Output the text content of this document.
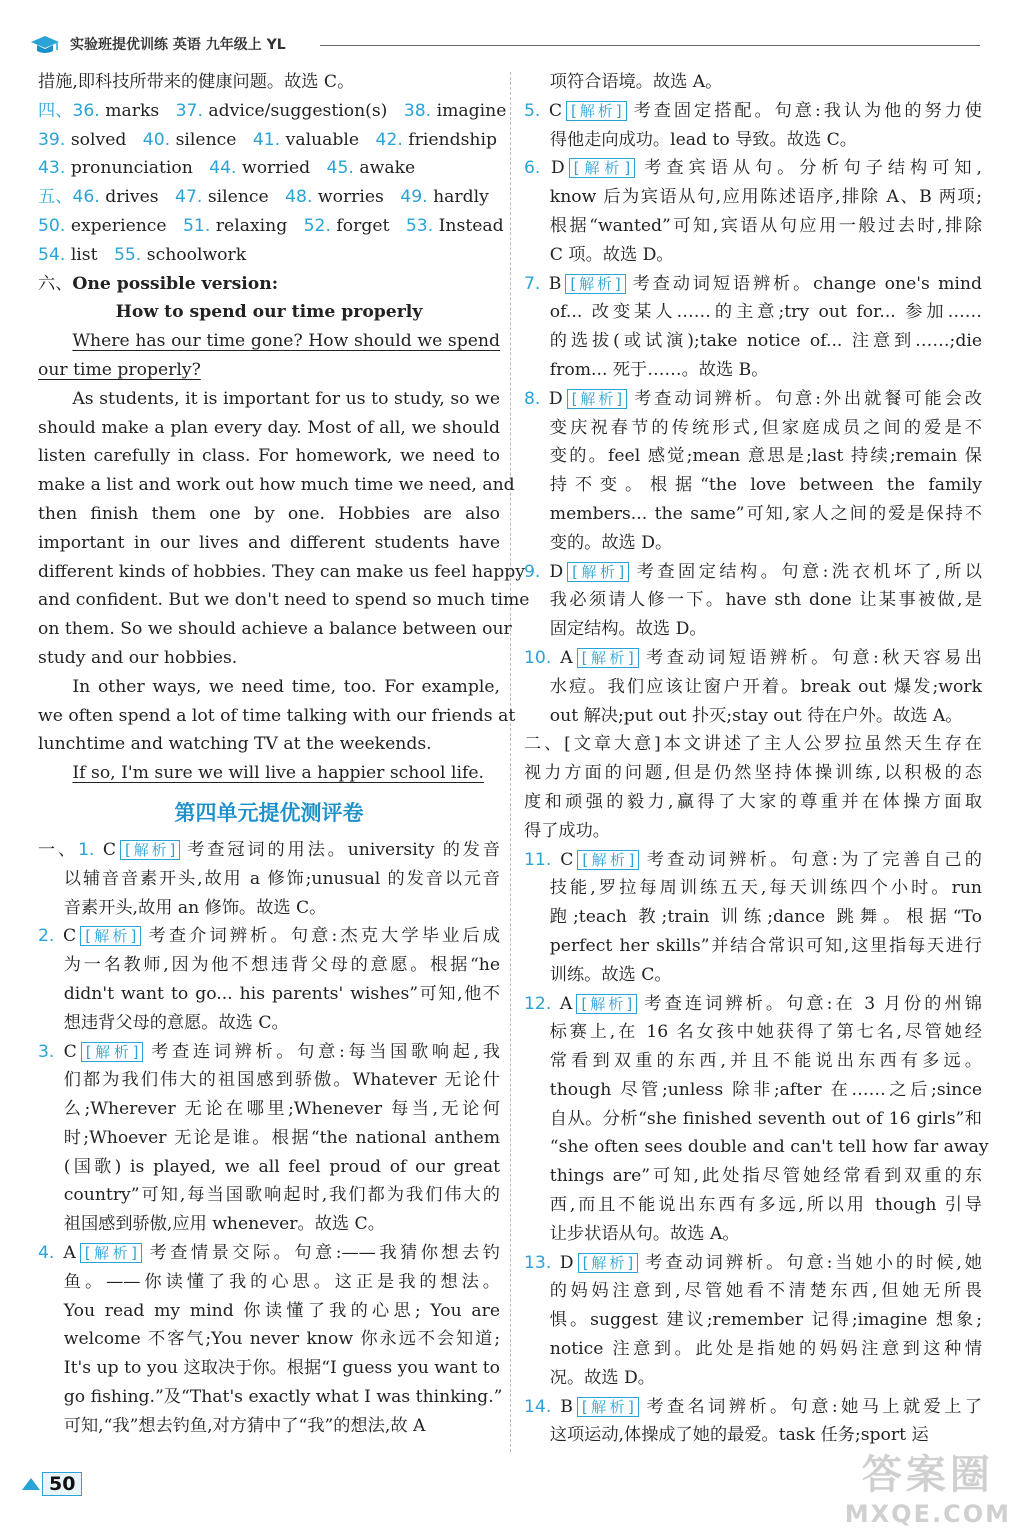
实验班提优训练 英语 九年级上 YL
措施,即科技所带来的健康问题。故选 C。
四、36. marks 37. advice/suggestion(s) 38. imagine
39. solved 40. silence 41. valuable 42. friendship
43. pronunciation 44. worried 45. awake
五、46. drives 47. silence 48. worries 49. hardly
50. experience 51. relaxing 52. forget 53. Instead
54. list 55. schoolwork
六、One possible version:
How to spend our time properly
Where has our time gone? How should we spend
our time properly?
As students, it is important for us to study, so we
should make a plan every day. Most of all, we should
listen carefully in class. For homework, we need to
make a list and work out how much time we need, and
then finish them one by one. Hobbies are also
important in our lives and different students have
different kinds of hobbies. They can make us feel happy
and confident. But we don't need to spend so much time
on them. So we should achieve a balance between our
study and our hobbies.
In other ways, we need time, too. For example,
we often spend a lot of time talking with our friends at
lunchtime and watching TV at the weekends.
If so, I'm sure we will live a happier school life.
第四单元提优测评卷
一、1. C [解析] 考查冠词的用法。university 的发音
以辅音音素开头,故用 a 修饰;unusual 的发音以元音
音素开头,故用 an 修饰。故选 C。
2. C [解析] 考查介词辨析。句意:杰克大学毕业后成
为一名教师,因为他不想违背父母的意愿。根据“he
didn't want to go... his parents' wishes”可知,他不
想违背父母的意愿。故选 C。
3. C [解析] 考查连词辨析。句意:每当国歌响起,我
们都为我们伟大的祖国感到骄傲。Whatever 无论什
么;Wherever 无论在哪里;Whenever 每当,无论何
时;Whoever 无论是谁。根据“the national anthem
(国歌) is played, we all feel proud of our great
country”可知,每当国歌响起时,我们都为我们伟大的
祖国感到骄傲,应用 whenever。故选 C。
4. A [解析] 考查情景交际。句意:——我猜你想去钓
鱼。——你读懂了我的心思。这正是我的想法。
You read my mind 你读懂了我的心思; You are
welcome 不客气;You never know 你永远不会知道;
It's up to you 这取决于你。根据“I guess you want to
go fishing.”及“That's exactly what I was thinking.”
可知,“我”想去钓鱼,对方猜中了“我”的想法,故 A
项符合语境。故选 A。
5. C [解析] 考查固定搭配。句意:我认为他的努力使
得他走向成功。lead to 导致。故选 C。
6. D [解析] 考查宾语从句。分析句子结构可知,
know 后为宾语从句,应用陈述语序,排除 A、B 两项;
根据“wanted”可知,宾语从句应用一般过去时,排除
C 项。故选 D。
7. B [解析] 考查动词短语辨析。change one's mind
of... 改变某人……的主意;try out for... 参加……
的选拔(或试演);take notice of... 注意到……;die
from... 死于……。故选 B。
8. D [解析] 考查动词辨析。句意:外出就餐可能会改
变庆祝春节的传统形式,但家庭成员之间的爱是不
变的。feel 感觉;mean 意思是;last 持续;remain 保
持不变。根据“the love between the family
members... the same”可知,家人之间的爱是保持不
变的。故选 D。
9. D [解析] 考查固定结构。句意:洗衣机坏了,所以
我必须请人修一下。have sth done 让某事被做,是
固定结构。故选 D。
10. A [解析] 考查动词短语辨析。句意:秋天容易出
水痘。我们应该让窗户开着。break out 爆发;work
out 解决;put out 扑灭;stay out 待在户外。故选 A。
二、[文章大意]本文讲述了主人公罗拉虽然天生存在
视力方面的问题,但是仍然坚持体操训练,以积极的态
度和顽强的毅力,赢得了大家的尊重并在体操方面取
得了成功。
11. C [解析] 考查动词辨析。句意:为了完善自己的
技能,罗拉每周训练五天,每天训练四个小时。run
跑;teach 教;train 训练;dance 跳舞。根据“To
perfect her skills”并结合常识可知,这里指每天进行
训练。故选 C。
12. A [解析] 考查连词辨析。句意:在 3 月份的州锦
标赛上,在 16 名女孩中她获得了第七名,尽管她经
常看到双重的东西,并且不能说出东西有多远。
though 尽管;unless 除非;after 在……之后;since
自从。分析“she finished seventh out of 16 girls”和
“she often sees double and can't tell how far away
things are”可知,此处指尽管她经常看到双重的东
西,而且不能说出东西有多远,所以用 though 引导
让步状语从句。故选 A。
13. D [解析] 考查动词辨析。句意:当她小的时候,她
的妈妈注意到,尽管她看不清楚东西,但她无所畏
惧。suggest 建议;remember 记得;imagine 想象;
notice 注意到。此处是指她的妈妈注意到这种情
况。故选 D。
14. B [解析] 考查名词辨析。句意:她马上就爱上了
这项运动,体操成了她的最爱。task 任务;sport 运
50	答案圈
MXQE.COM
